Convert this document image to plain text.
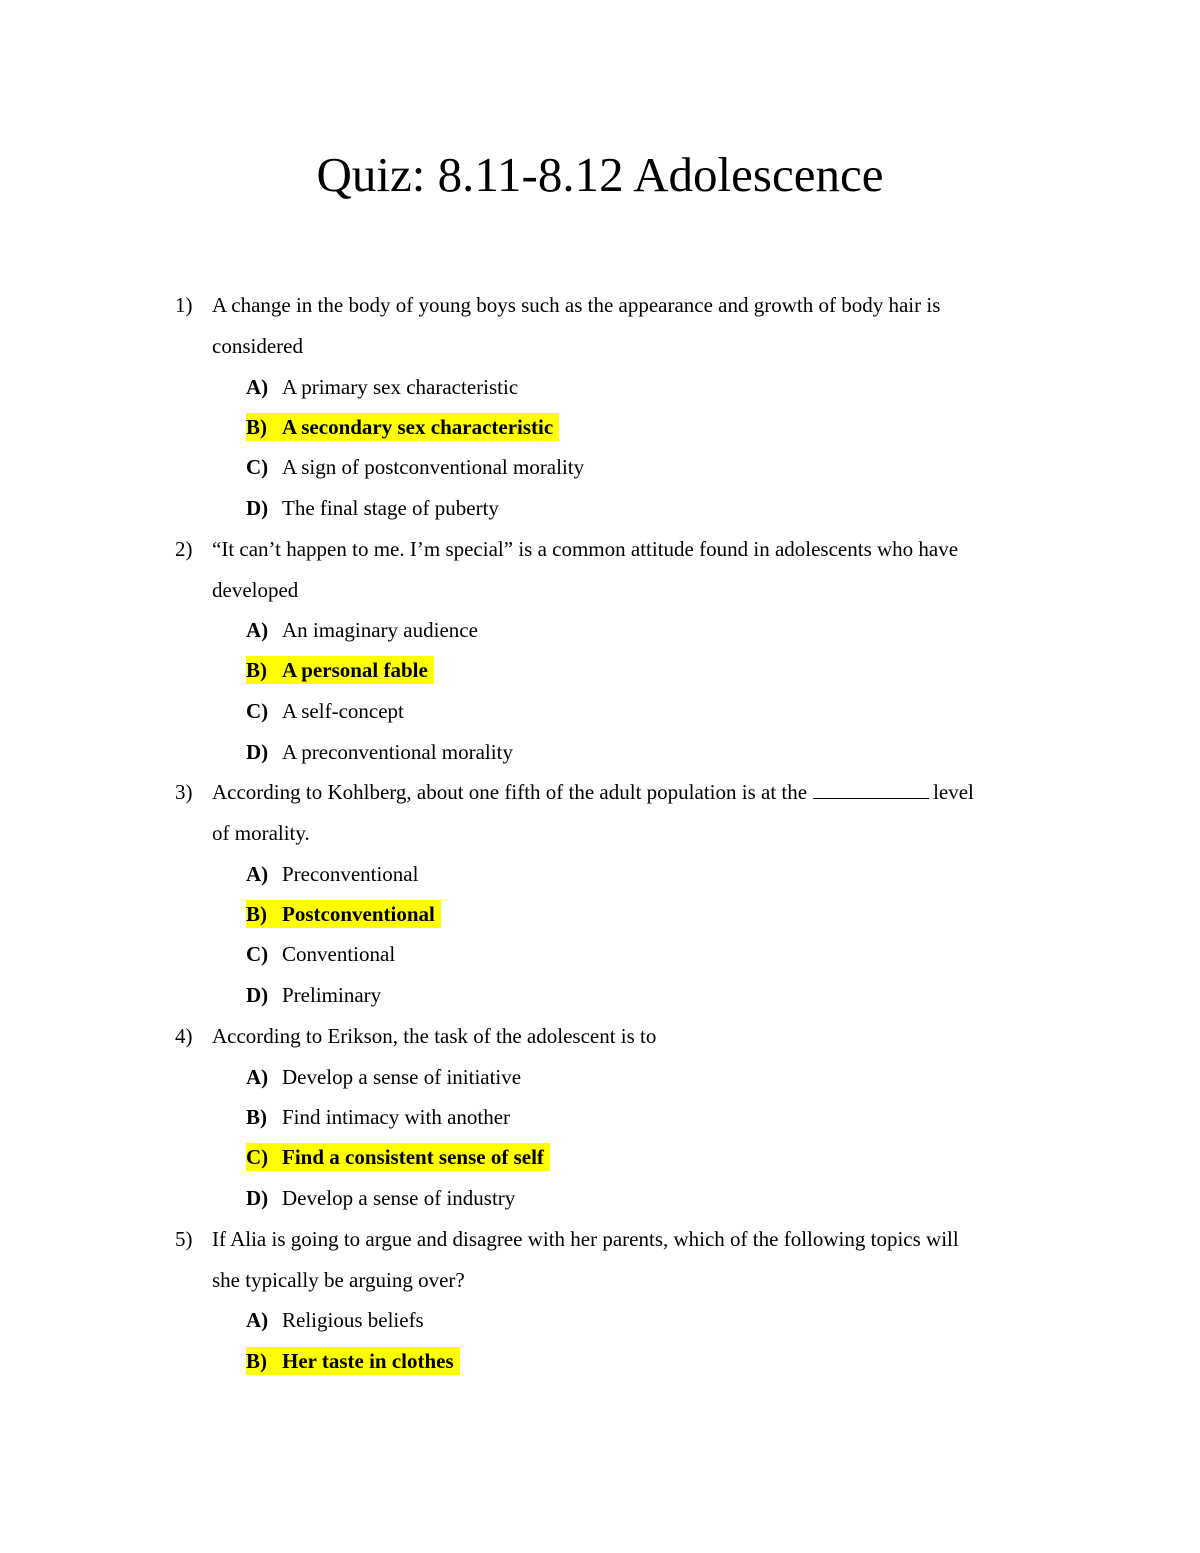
Quiz: 8.11-8.12 Adolescence
1) A change in the body of young boys such as the appearance and growth of body hair is
considered
A) A primary sex characteristic
B) A secondary sex characteristic
C) A sign of postconventional morality
D) The final stage of puberty
2) “It can’t happen to me. I’m special” is a common attitude found in adolescents who have
developed
A) An imaginary audience
B) A personal fable
C) A self-concept
D) A preconventional morality
3) According to Kohlberg, about one fifth of the adult population is at the	level
of morality.
A) Preconventional
B) Postconventional
C) Conventional
D) Preliminary
4) According to Erikson, the task of the adolescent is to
A) Develop a sense of initiative
B) Find intimacy with another
C) Find a consistent sense of self
D) Develop a sense of industry
5) If Alia is going to argue and disagree with her parents, which of the following topics will
she typically be arguing over?
A) Religious beliefs
B) Her taste in clothes
